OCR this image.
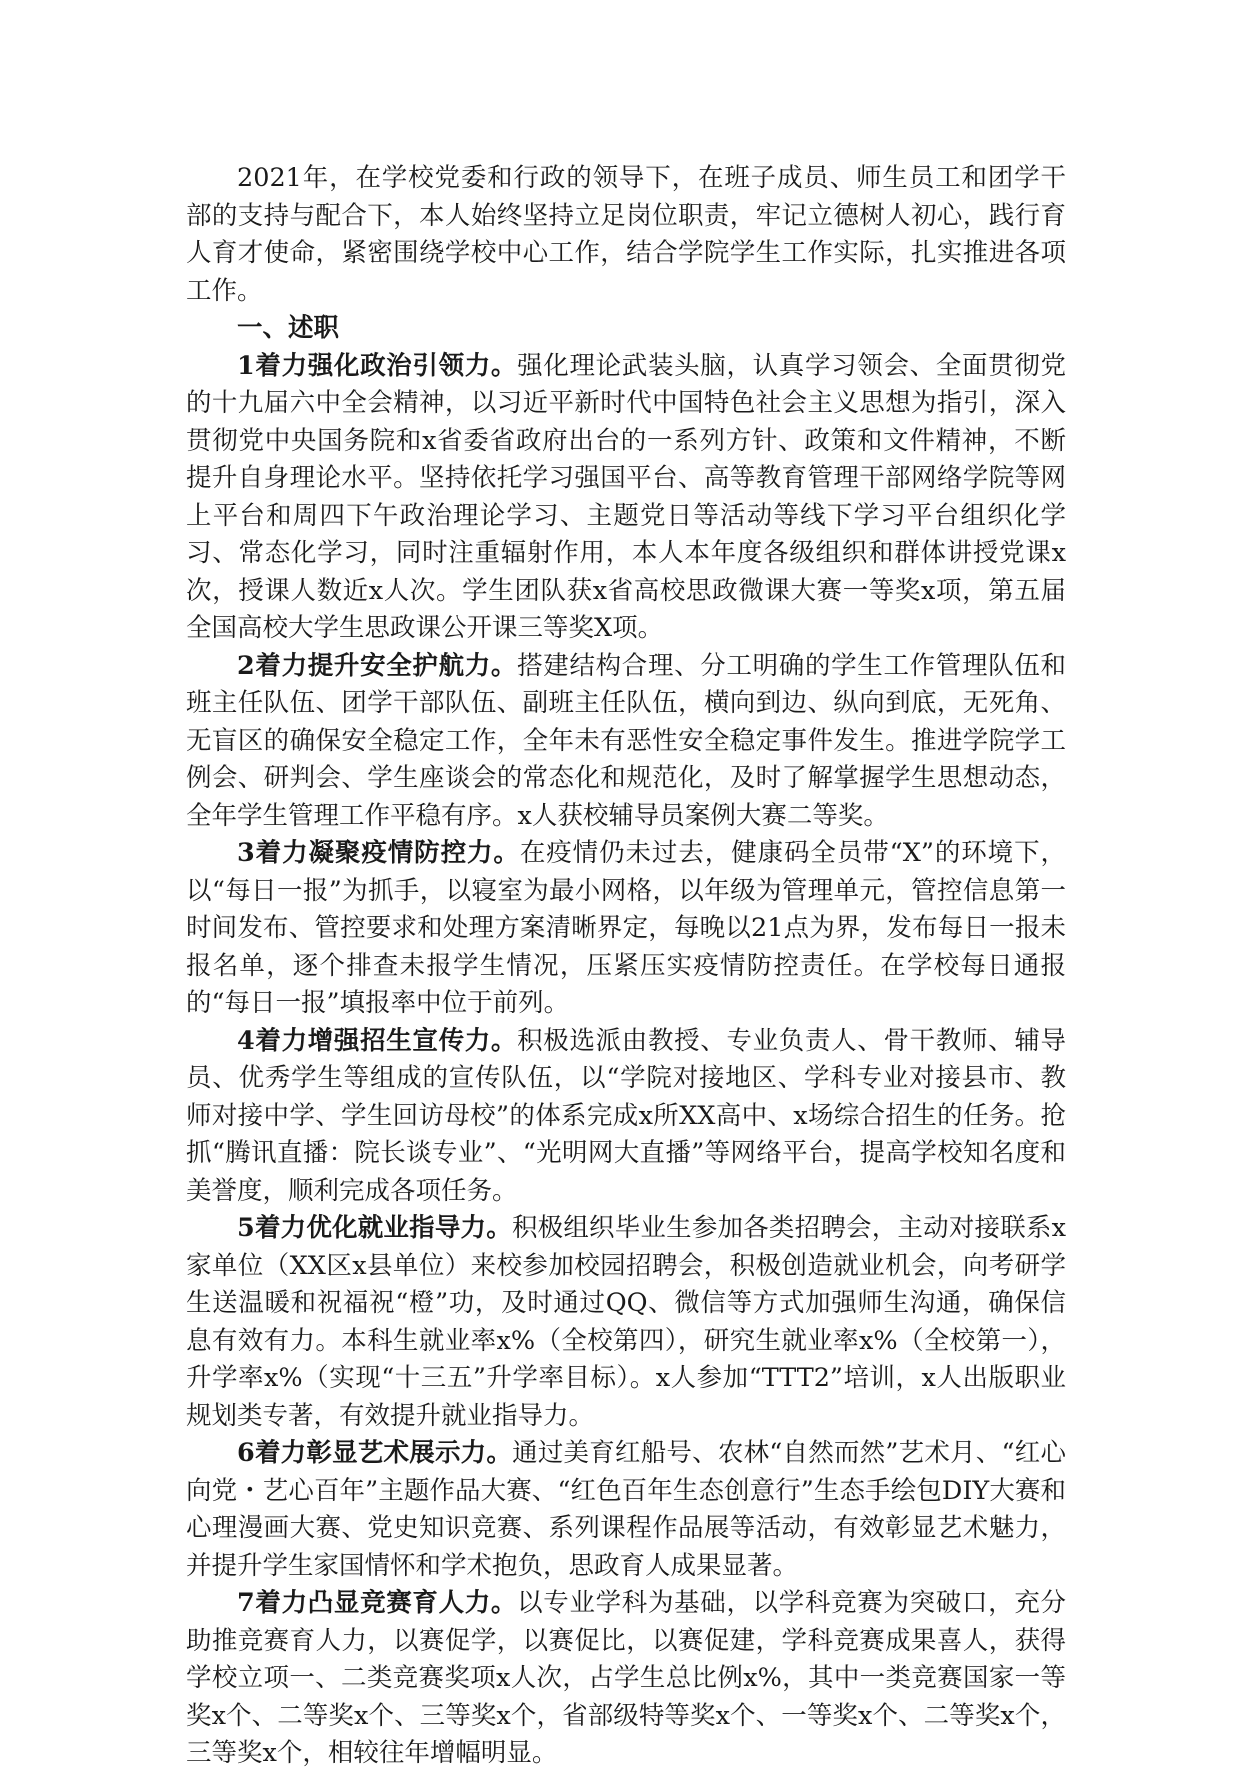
2021年，在学校党委和行政的领导下，在班子成员、师生员工和团学干部的支持与配合下，本人始终坚持立足岗位职责，牢记立德树人初心，践行育人育才使命，紧密围绕学校中心工作，结合学院学生工作实际，扎实推进各项工作。

一、述职

1着力强化政治引领力。强化理论武装头脑，认真学习领会、全面贯彻党的十九届六中全会精神，以习近平新时代中国特色社会主义思想为指引，深入贯彻党中央国务院和x省委省政府出台的一系列方针、政策和文件精神，不断提升自身理论水平。坚持依托学习强国平台、高等教育管理干部网络学院等网上平台和周四下午政治理论学习、主题党日等活动等线下学习平台组织化学习、常态化学习，同时注重辐射作用，本人本年度各级组织和群体讲授党课x次，授课人数近x人次。学生团队获x省高校思政微课大赛一等奖x项，第五届全国高校大学生思政课公开课三等奖X项。

2着力提升安全护航力。搭建结构合理、分工明确的学生工作管理队伍和班主任队伍、团学干部队伍、副班主任队伍，横向到边、纵向到底，无死角、无盲区的确保安全稳定工作，全年未有恶性安全稳定事件发生。推进学院学工例会、研判会、学生座谈会的常态化和规范化，及时了解掌握学生思想动态，全年学生管理工作平稳有序。x人获校辅导员案例大赛二等奖。

3着力凝聚疫情防控力。在疫情仍未过去，健康码全员带“X”的环境下，以“每日一报”为抓手，以寝室为最小网格，以年级为管理单元，管控信息第一时间发布、管控要求和处理方案清晰界定，每晚以21点为界，发布每日一报未报名单，逐个排查未报学生情况，压紧压实疫情防控责任。在学校每日通报的“每日一报”填报率中位于前列。

4着力增强招生宣传力。积极选派由教授、专业负责人、骨干教师、辅导员、优秀学生等组成的宣传队伍，以“学院对接地区、学科专业对接县市、教师对接中学、学生回访母校”的体系完成x所XX高中、x场综合招生的任务。抢抓“腾讯直播：院长谈专业”、“光明网大直播”等网络平台，提高学校知名度和美誉度，顺利完成各项任务。

5着力优化就业指导力。积极组织毕业生参加各类招聘会，主动对接联系x家单位（XX区x县单位）来校参加校园招聘会，积极创造就业机会，向考研学生送温暖和祝福祝“橙”功，及时通过QQ、微信等方式加强师生沟通，确保信息有效有力。本科生就业率x%（全校第四），研究生就业率x%（全校第一），升学率x%（实现“十三五”升学率目标）。x人参加“TTT2”培训，x人出版职业规划类专著，有效提升就业指导力。

6着力彰显艺术展示力。通过美育红船号、农林“自然而然”艺术月、“红心向党・艺心百年”主题作品大赛、“红色百年生态创意行”生态手绘包DIY大赛和心理漫画大赛、党史知识竞赛、系列课程作品展等活动，有效彰显艺术魅力，并提升学生家国情怀和学术抱负，思政育人成果显著。

7着力凸显竞赛育人力。以专业学科为基础，以学科竞赛为突破口，充分助推竞赛育人力，以赛促学，以赛促比，以赛促建，学科竞赛成果喜人，获得学校立项一、二类竞赛奖项x人次，占学生总比例x%，其中一类竞赛国家一等奖x个、二等奖x个、三等奖x个，省部级特等奖x个、一等奖x个、二等奖x个，三等奖x个，相较往年增幅明显。
